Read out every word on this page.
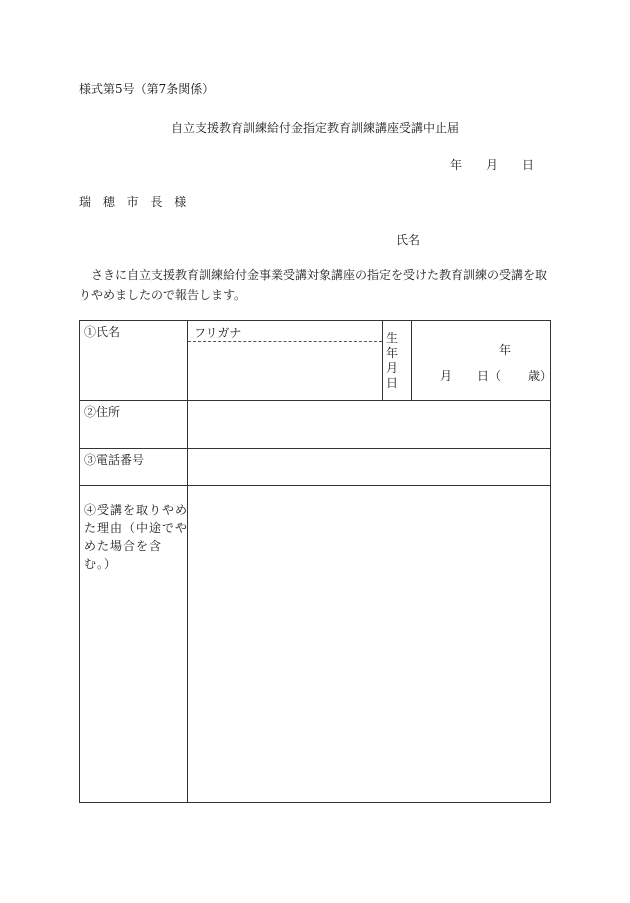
様式第5号（第7条関係）
自立支援教育訓練給付金指定教育訓練講座受講中止届
年 月 日
瑞 穂 市 長 様
氏名
さきに自立支援教育訓練給付金事業受講対象講座の指定を受けた教育訓練の受講を取りやめましたので報告します。
①氏名	フリガナ	生年月日
年
月 日（ 歳）
②住所
③電話番号
④受講を取りやめた理由（中途でやめた場合を含む。）
